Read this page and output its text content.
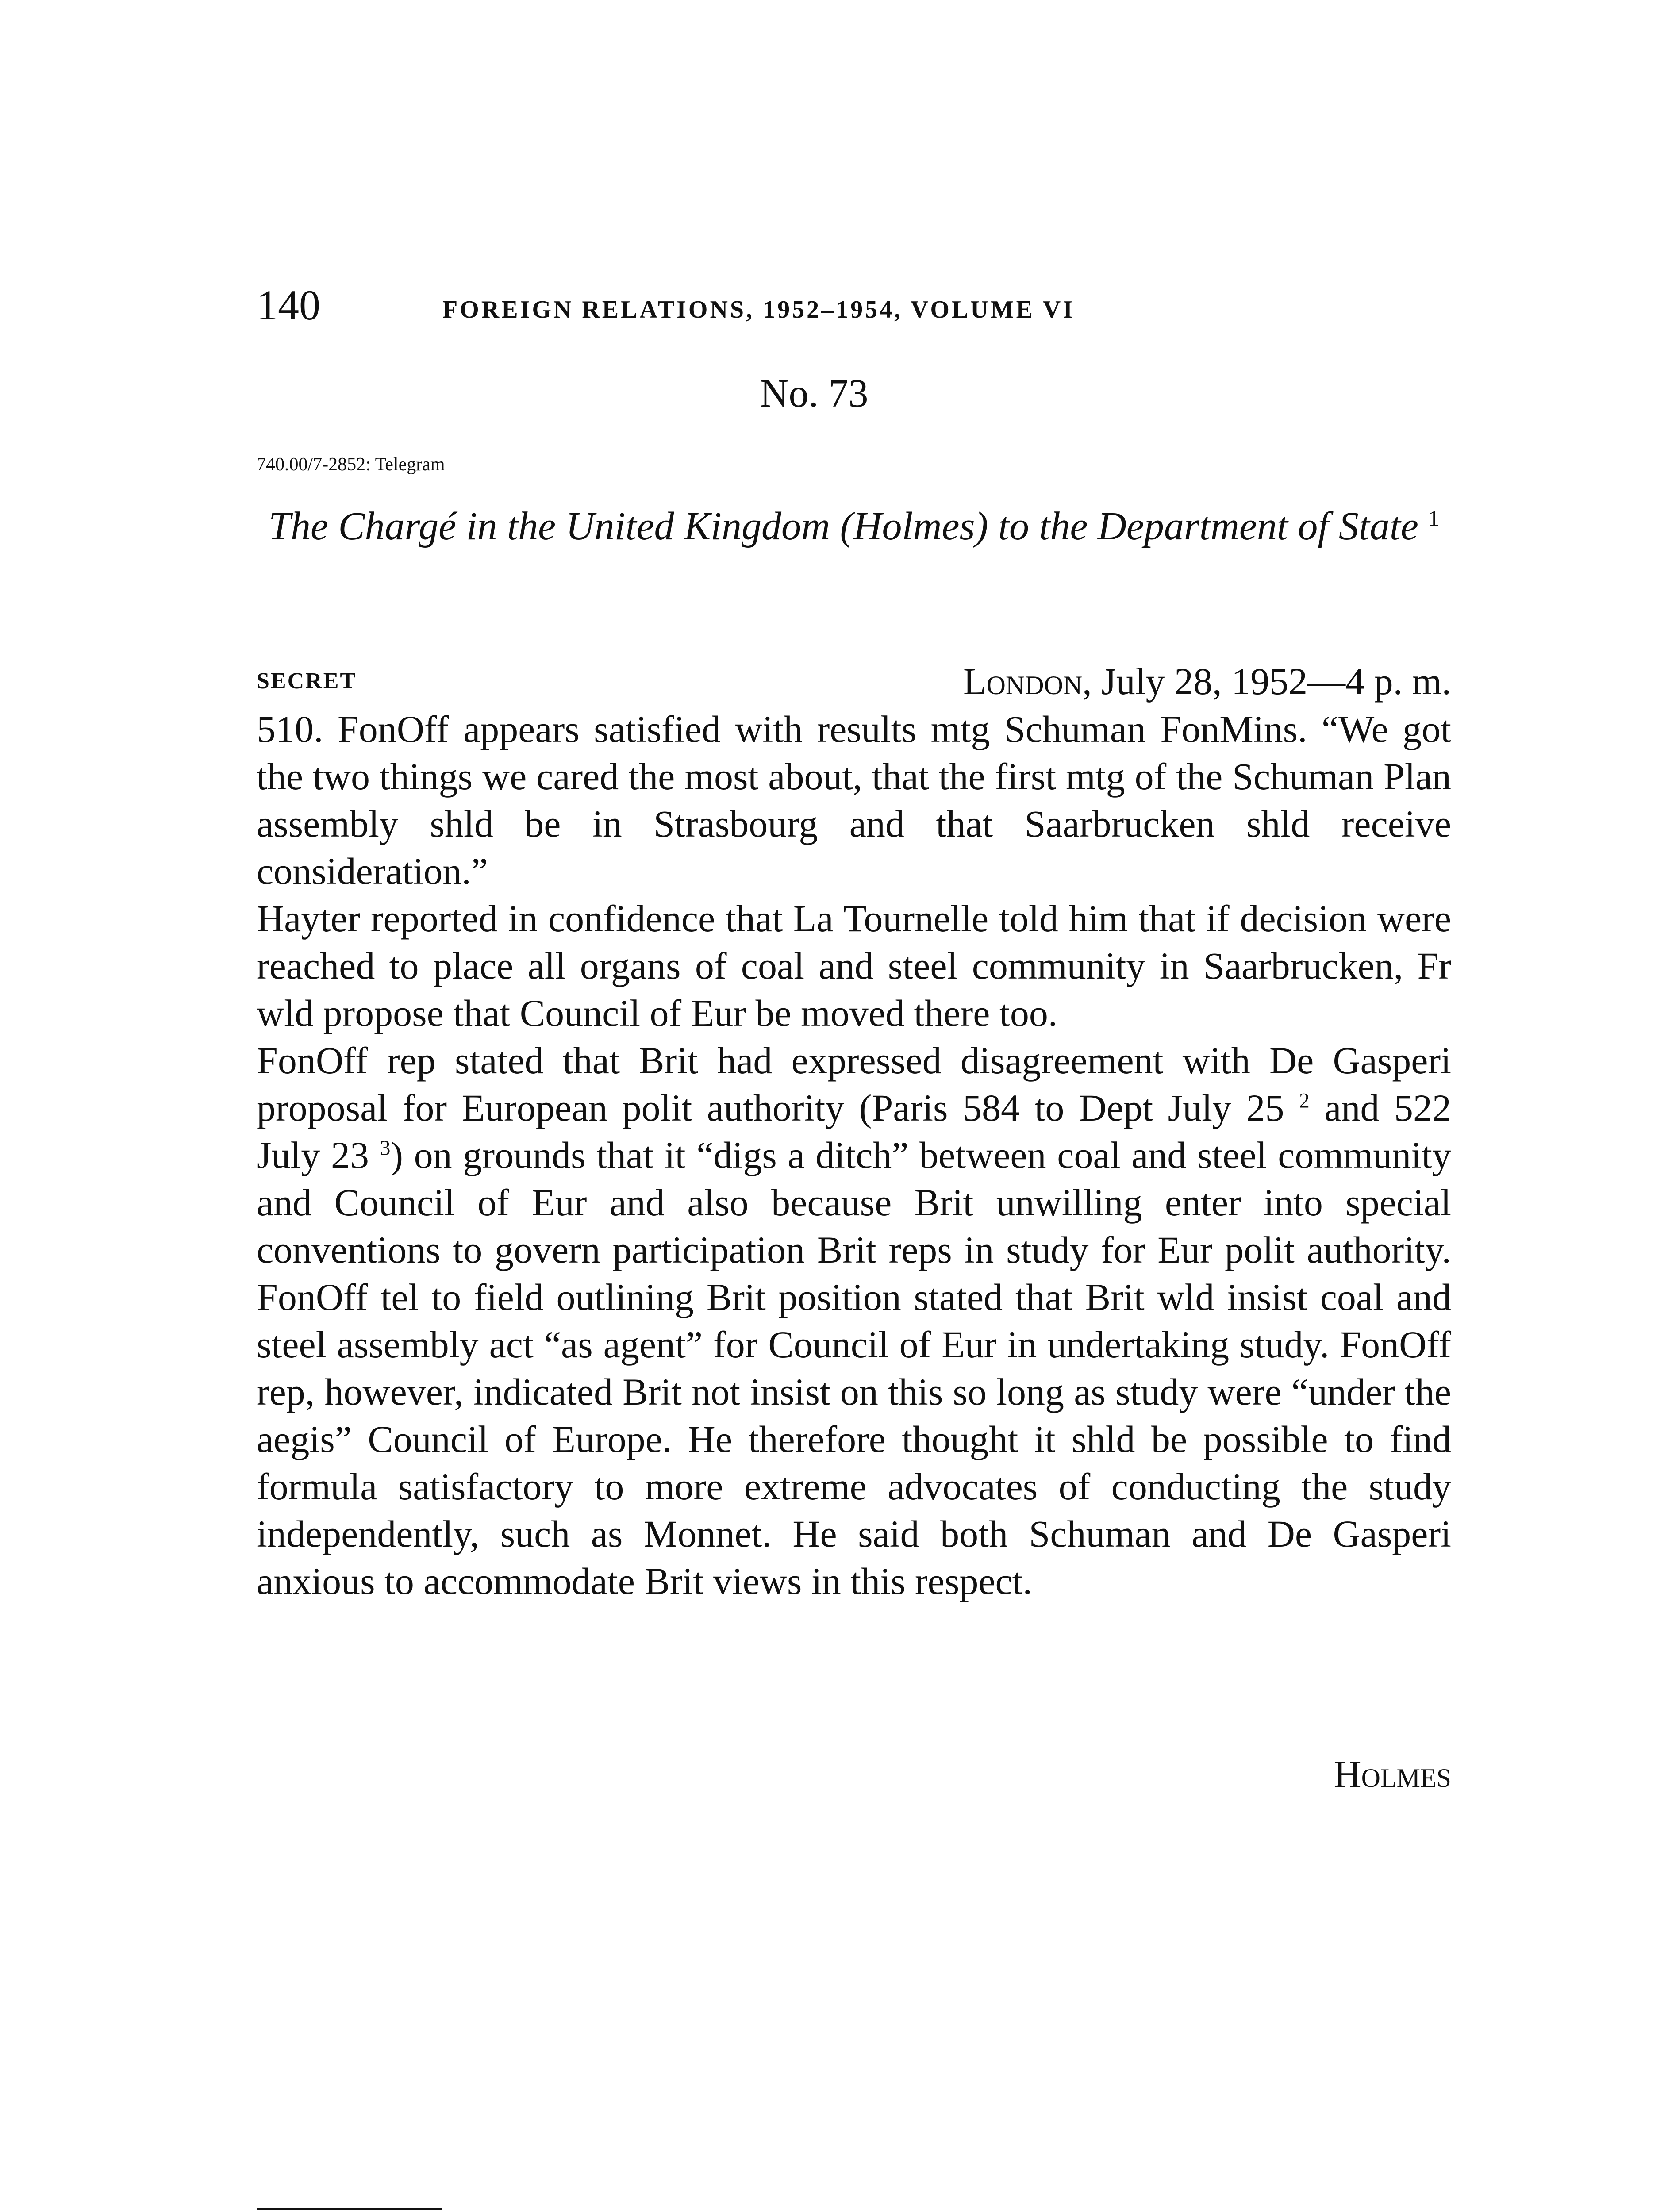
140	FOREIGN RELATIONS, 1952–1954, VOLUME VI
No. 73
740.00/7-2852: Telegram
The Chargé in the United Kingdom (Holmes) to the Department of State $^1$
SECRET	London, July 28, 1952—4 p. m.

510. FonOff appears satisfied with results mtg Schuman FonMins. “We got the two things we cared the most about, that the first mtg of the Schuman Plan assembly shld be in Strasbourg and that Saarbrucken shld receive consideration.”

Hayter reported in confidence that La Tournelle told him that if decision were reached to place all organs of coal and steel community in Saarbrucken, Fr wld propose that Council of Eur be moved there too.

FonOff rep stated that Brit had expressed disagreement with De Gasperi proposal for European polit authority (Paris 584 to Dept July 25 $^2$ and 522 July 23 $^3$) on grounds that it “digs a ditch” between coal and steel community and Council of Eur and also because Brit unwilling enter into special conventions to govern participation Brit reps in study for Eur polit authority. FonOff tel to field outlining Brit position stated that Brit wld insist coal and steel assembly act “as agent” for Council of Eur in undertaking study. FonOff rep, however, indicated Brit not insist on this so long as study were “under the aegis” Council of Europe. He therefore thought it shld be possible to find formula satisfactory to more extreme advocates of conducting the study independently, such as Monnet. He said both Schuman and De Gasperi anxious to accommodate Brit views in this respect.

Holmes
